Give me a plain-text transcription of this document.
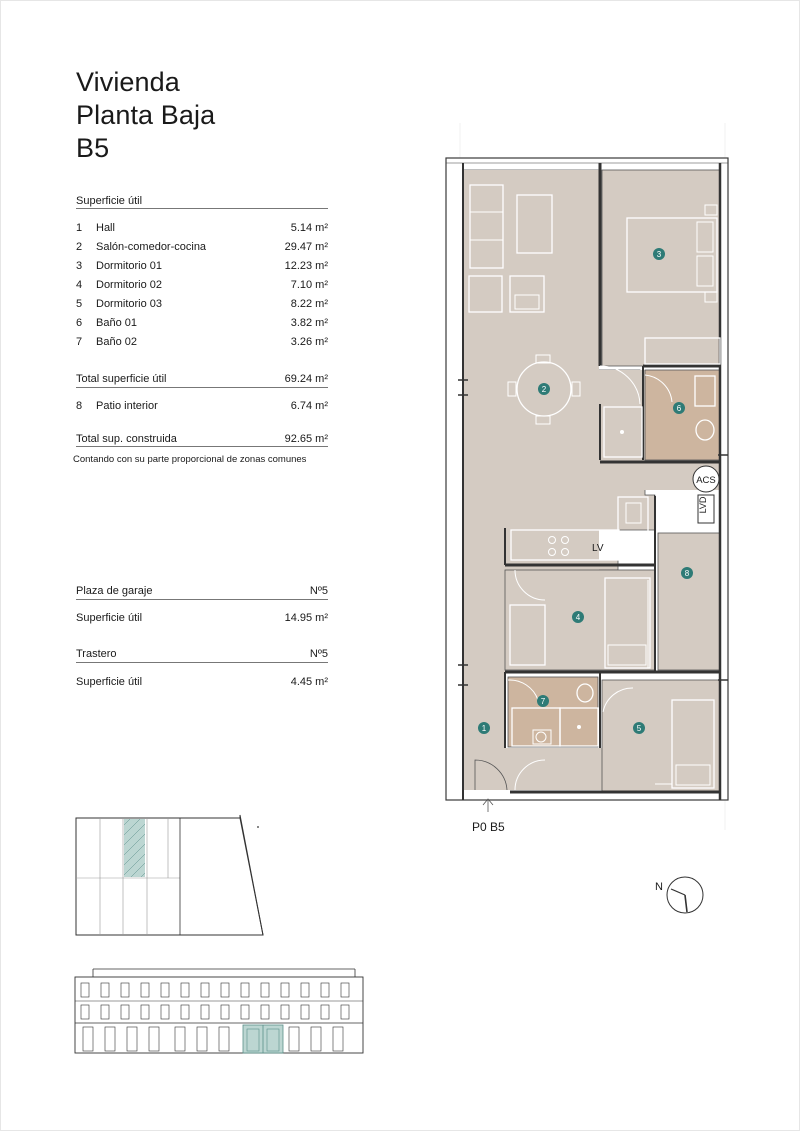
Vivienda
Planta Baja
B5
Superficie útil
1 Hall	5.14 m²
2 Salón-comedor-cocina	29.47 m²
3 Dormitorio 01	12.23 m²
4 Dormitorio 02	7.10 m²
5 Dormitorio 03	8.22 m²
6 Baño 01	3.82 m²
7 Baño 02	3.26 m²
Total superficie útil	69.24 m²
8 Patio interior	6.74 m²
Total sup. construida	92.65 m²
Contando con su parte proporcional de zonas comunes
Plaza de garaje	Nº5
Superficie útil	14.95 m²
Trastero	Nº5
Superficie útil	4.45 m²
1
2
3
4
5
6
7
8
LV
ACS
LVD
P0 B5
N
